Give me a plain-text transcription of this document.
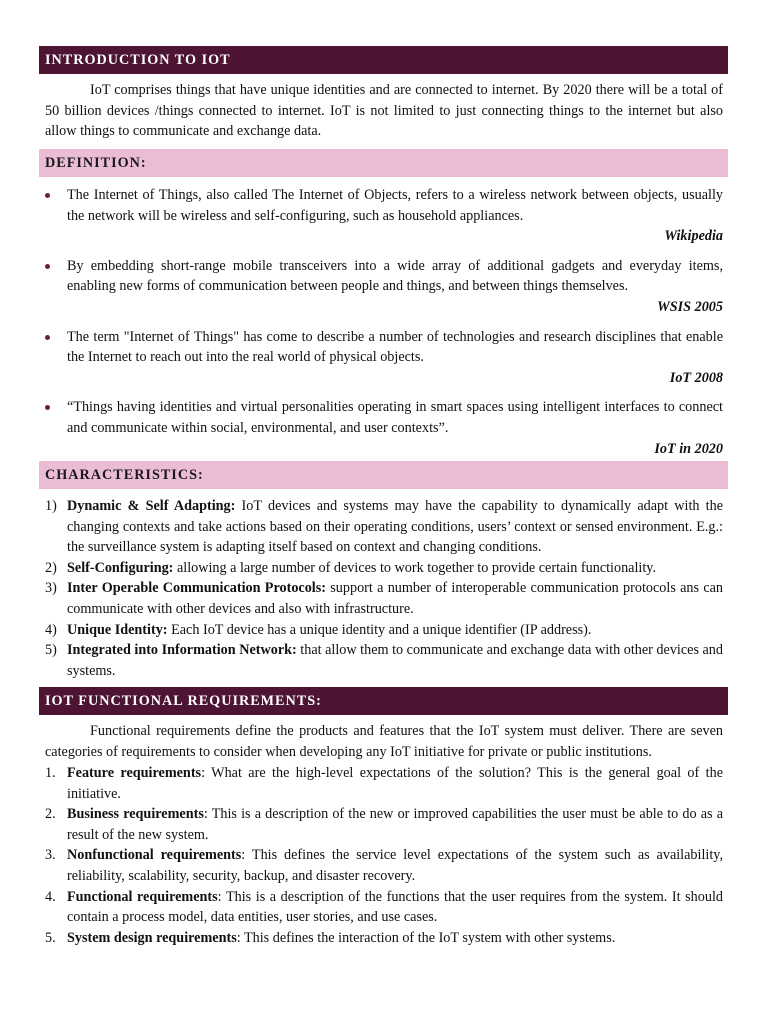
INTRODUCTION TO IOT

IoT comprises things that have unique identities and are connected to internet. By 2020 there will be a total of 50 billion devices /things connected to internet. IoT is not limited to just connecting things to the internet but also allow things to communicate and exchange data.

DEFINITION:
The Internet of Things, also called The Internet of Objects, refers to a wireless network between objects, usually the network will be wireless and self-configuring, such as household appliances.
Wikipedia
By embedding short-range mobile transceivers into a wide array of additional gadgets and everyday items, enabling new forms of communication between people and things, and between things themselves.
WSIS 2005
The term "Internet of Things" has come to describe a number of technologies and research disciplines that enable the Internet to reach out into the real world of physical objects.
IoT 2008
“Things having identities and virtual personalities operating in smart spaces using intelligent interfaces to connect and communicate within social, environmental, and user contexts”.
IoT in 2020
CHARACTERISTICS:
1) Dynamic & Self Adapting: IoT devices and systems may have the capability to dynamically adapt with the changing contexts and take actions based on their operating conditions, users’ context or sensed environment. E.g.: the surveillance system is adapting itself based on context and changing conditions.
2) Self-Configuring: allowing a large number of devices to work together to provide certain functionality.
3) Inter Operable Communication Protocols: support a number of interoperable communication protocols ans can communicate with other devices and also with infrastructure.
4) Unique Identity: Each IoT device has a unique identity and a unique identifier (IP address).
5) Integrated into Information Network: that allow them to communicate and exchange data with other devices and systems.
IOT FUNCTIONAL REQUIREMENTS:

Functional requirements define the products and features that the IoT system must deliver. There are seven categories of requirements to consider when developing any IoT initiative for private or public institutions.

1. Feature requirements: What are the high-level expectations of the solution? This is the general goal of the initiative.
2. Business requirements: This is a description of the new or improved capabilities the user must be able to do as a result of the new system.
3. Nonfunctional requirements: This defines the service level expectations of the system such as availability, reliability, scalability, security, backup, and disaster recovery.
4. Functional requirements: This is a description of the functions that the user requires from the system. It should contain a process model, data entities, user stories, and use cases.
5. System design requirements: This defines the interaction of the IoT system with other systems.
